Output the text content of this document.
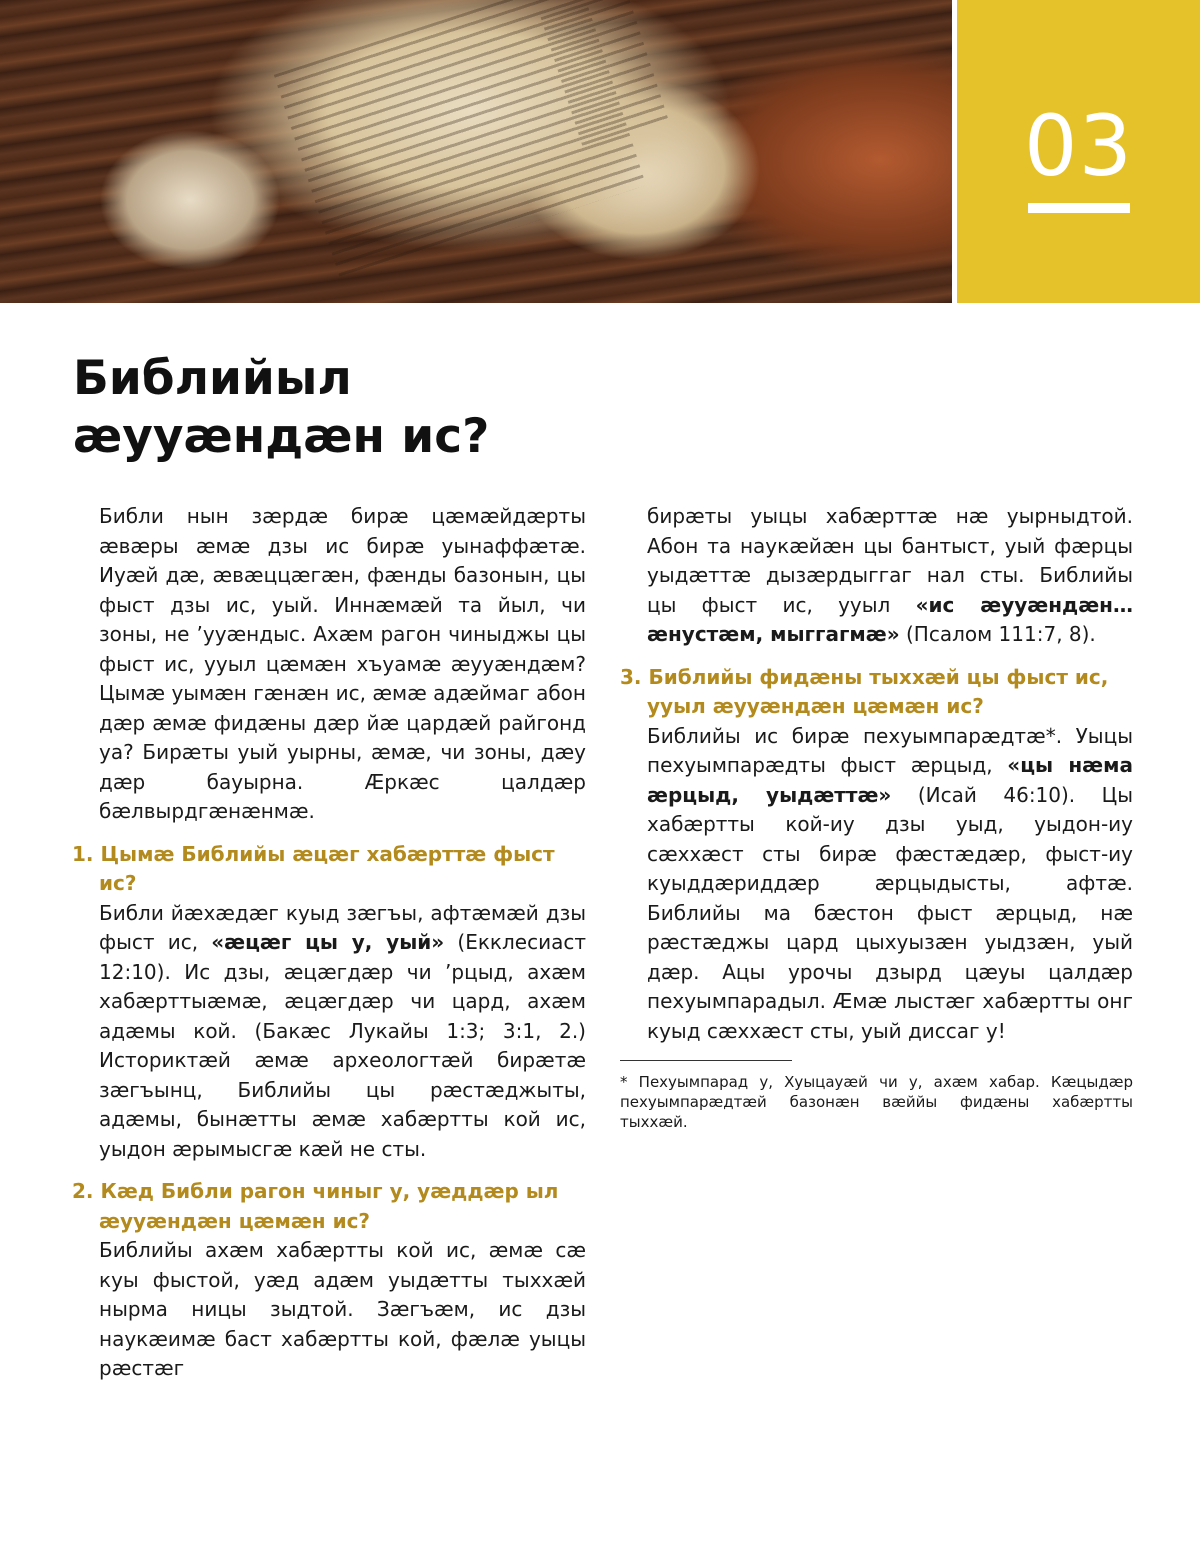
03
Библийыл
æууæндæн ис?

Библи нын зæрдæ бирæ цæмæйдæрты æвæры æмæ дзы ис бирæ уынаффæтæ. Иуæй дæ, æвæццæгæн, фæнды базонын, цы фыст дзы ис, уый. Иннæмæй та йыл, чи зоны, не ’ууæндыс. Ахæм рагон чиныджы цы фыст ис, ууыл цæмæн хъуамæ æууæндæм? Цымæ уымæн гæнæн ис, æмæ адæймаг абон дæр æмæ фидæны дæр йæ цардæй райгонд уа? Бирæты уый уырны, æмæ, чи зоны, дæу дæр бауырна. Æркæс цалдæр бæлвырдгæнæнмæ.

1. Цымæ Библийы æцæг хабæрттæ фыст ис?

Библи йæхæдæг куыд зæгъы, афтæмæй дзы фыст ис, «æцæг цы у, уый» (Екклесиаст 12:10). Ис дзы, æцæгдæр чи ’рцыд, ахæм хабæрттыæмæ, æцæгдæр чи цард, ахæм адæмы кой. (Бакæс Лукайы 1:3; 3:1, 2.) Историктæй æмæ археологтæй бирæтæ зæгъынц, Библийы цы рæстæджыты, адæмы, бынæтты æмæ хабæртты кой ис, уыдон æрымысгæ кæй не сты.

2. Кæд Библи рагон чиныг у, уæддæр ыл æууæндæн цæмæн ис?

Библийы ахæм хабæртты кой ис, æмæ сæ куы фыстой, уæд адæм уыдæтты тыххæй нырма ницы зыдтой. Зæгъæм, ис дзы наукæимæ баст хабæртты кой, фæлæ уыцы рæстæг

бирæты уыцы хабæрттæ нæ уырныдтой. Абон та наукæйæн цы бантыст, уый фæрцы уыдæттæ дызæрдыггаг нал сты. Библийы цы фыст ис, ууыл «ис æууæндæн… æнустæм, мыггагмæ» (Псалом 111:7, 8).

3. Библийы фидæны тыххæй цы фыст ис, ууыл æууæндæн цæмæн ис?

Библийы ис бирæ пехуымпарæдтæ*. Уыцы пехуымпарæдты фыст æрцыд, «цы нæма æрцыд, уыдæттæ» (Исай 46:10). Цы хабæртты кой-иу дзы уыд, уыдон-иу сæххæст сты бирæ фæстæдæр, фыст-иу куыддæриддæр æрцыдысты, афтæ. Библийы ма бæстон фыст æрцыд, нæ рæстæджы цард цыхуызæн уыдзæн, уый дæр. Ацы урочы дзырд цæуы цалдæр пехуымпарадыл. Æмæ лыстæг хабæртты онг куыд сæххæст сты, уый диссаг у!

* Пехуымпарад у, Хуыцауæй чи у, ахæм хабар. Кæцыдæр пехуымпарæдтæй базонæн вæййы фидæны хабæртты тыххæй.
